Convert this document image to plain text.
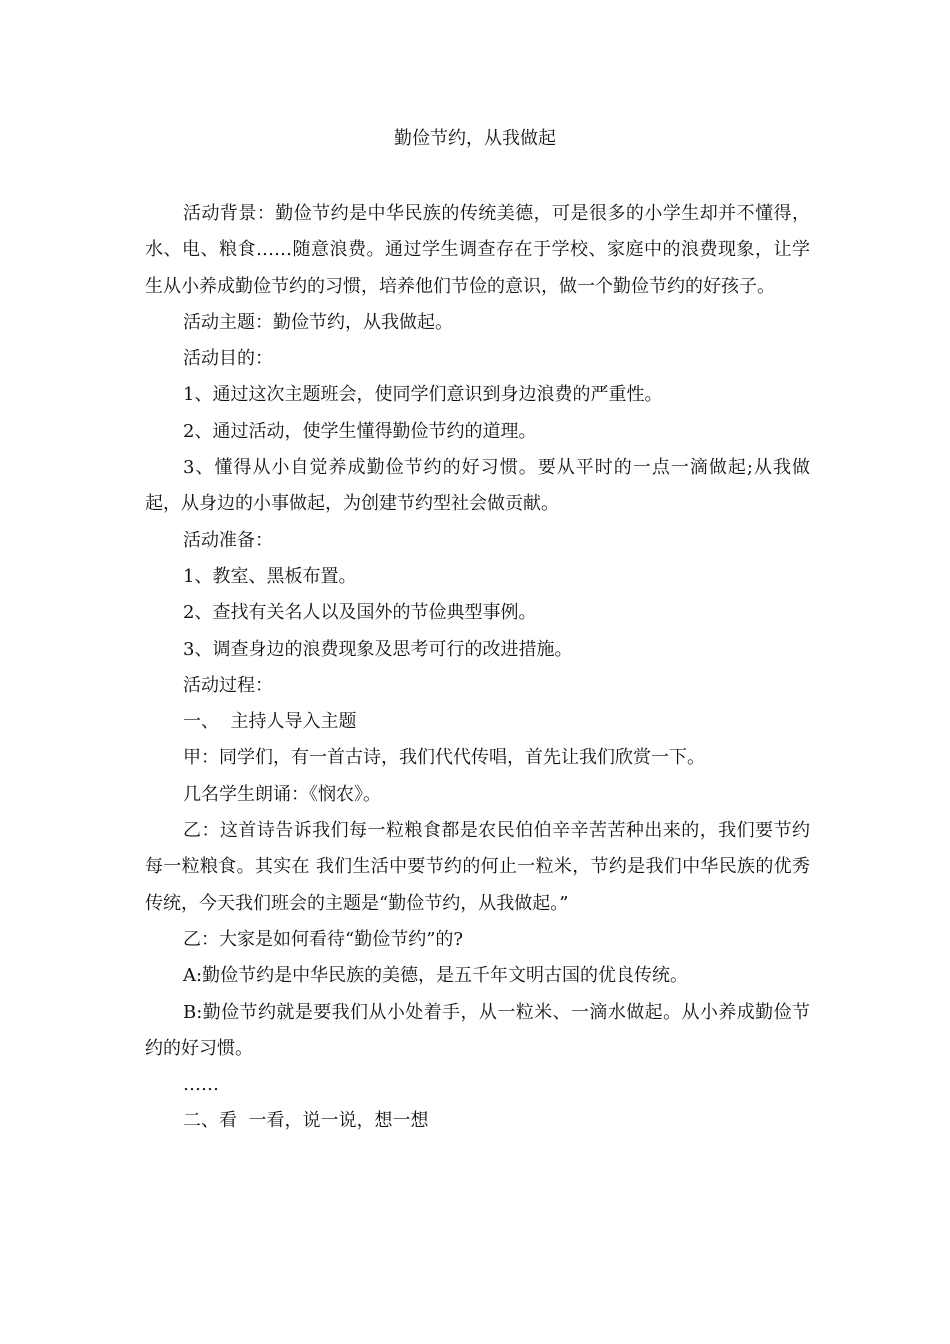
勤俭节约，从我做起

活动背景：勤俭节约是中华民族的传统美德，可是很多的小学生却并不懂得，水、电、粮食……随意浪费。通过学生调查存在于学校、家庭中的浪费现象，让学生从小养成勤俭节约的习惯，培养他们节俭的意识，做一个勤俭节约的好孩子。

活动主题：勤俭节约，从我做起。

活动目的：

1、通过这次主题班会，使同学们意识到身边浪费的严重性。

2、通过活动，使学生懂得勤俭节约的道理。

3、懂得从小自觉养成勤俭节约的好习惯。要从平时的一点一滴做起;从我做起，从身边的小事做起，为创建节约型社会做贡献。

活动准备：

1、教室、黑板布置。

2、查找有关名人以及国外的节俭典型事例。

3、调查身边的浪费现象及思考可行的改进措施。

活动过程：

一、  主持人导入主题

甲：同学们，有一首古诗，我们代代传唱，首先让我们欣赏一下。

几名学生朗诵：《悯农》。

乙：这首诗告诉我们每一粒粮食都是农民伯伯辛辛苦苦种出来的，我们要节约每一粒粮食。其实在 我们生活中要节约的何止一粒米，节约是我们中华民族的优秀传统，今天我们班会的主题是“勤俭节约，从我做起。”

乙：大家是如何看待“勤俭节约”的?

A:勤俭节约是中华民族的美德，是五千年文明古国的优良传统。

B:勤俭节约就是要我们从小处着手，从一粒米、一滴水做起。从小养成勤俭节约的好习惯。

……

二、看  一看，说一说，想一想
